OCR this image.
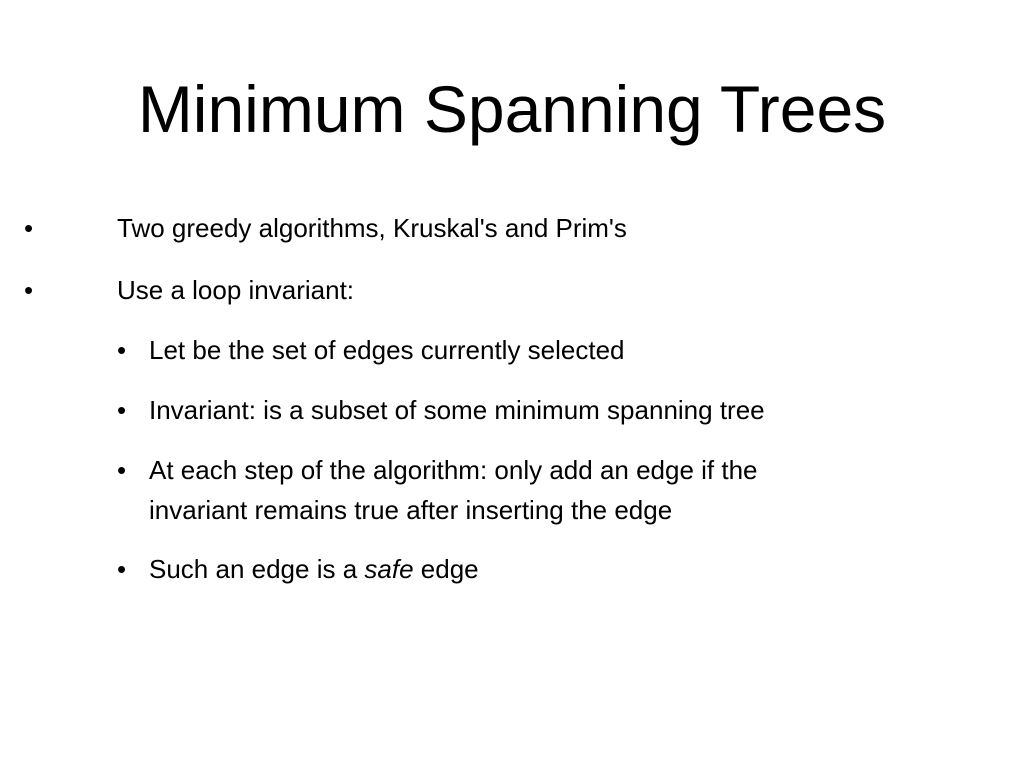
Minimum Spanning Trees
•	Two greedy algorithms, Kruskal's and Prim's
•	Use a loop invariant:
• Let be the set of edges currently selected
• Invariant: is a subset of some minimum spanning tree
• At each step of the algorithm: only add an edge if the
invariant remains true after inserting the edge
• Such an edge is a safe edge
